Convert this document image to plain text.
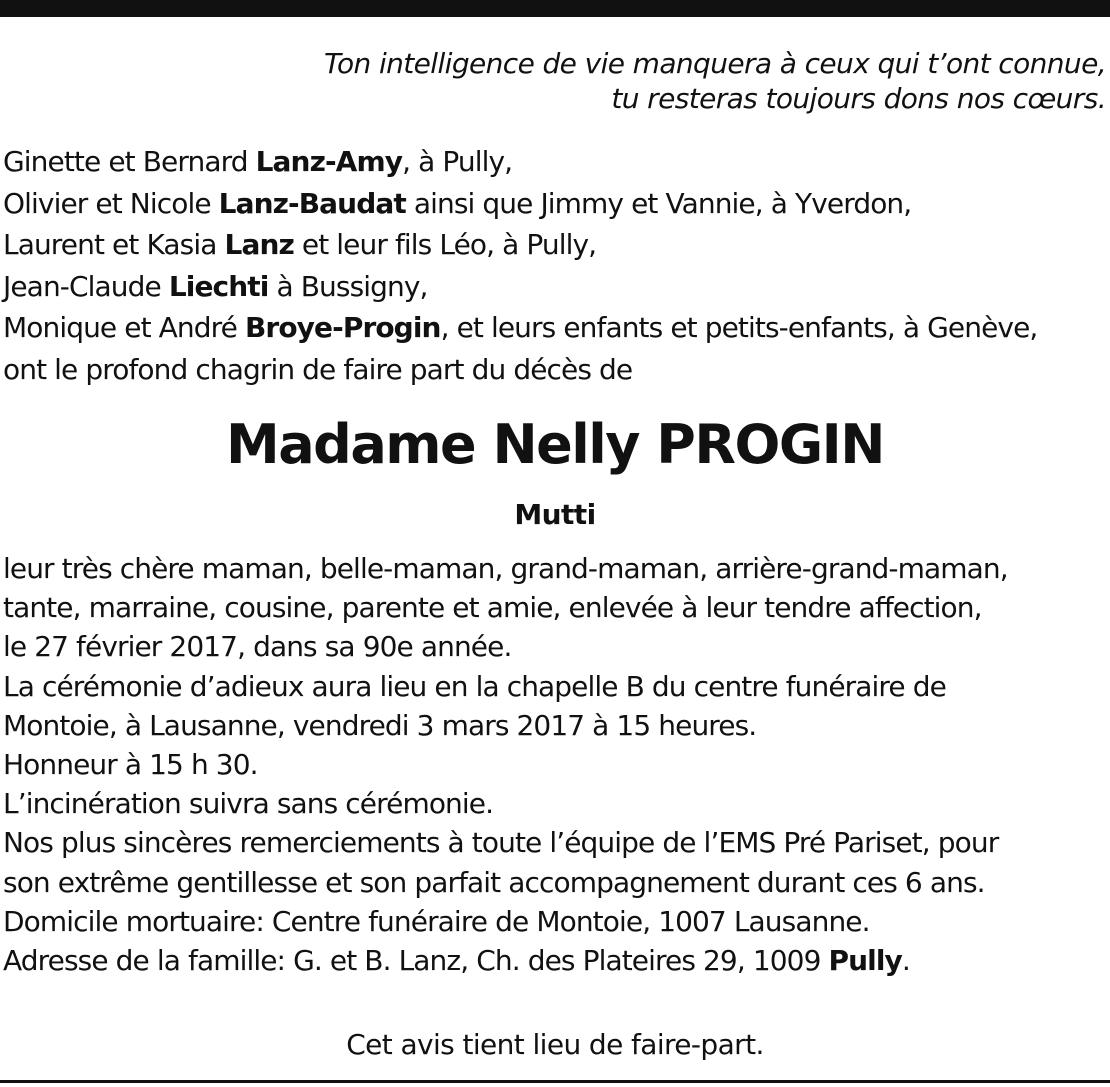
Ton intelligence de vie manquera à ceux qui t’ont connue,
tu resteras toujours dons nos cœurs.
Ginette et Bernard Lanz-Amy, à Pully,
Olivier et Nicole Lanz-Baudat ainsi que Jimmy et Vannie, à Yverdon,
Laurent et Kasia Lanz et leur fils Léo, à Pully,
Jean-Claude Liechti à Bussigny,
Monique et André Broye-Progin, et leurs enfants et petits-enfants, à Genève,
ont le profond chagrin de faire part du décès de
Madame Nelly PROGIN
Mutti
leur très chère maman, belle-maman, grand-maman, arrière-grand-maman,
tante, marraine, cousine, parente et amie, enlevée à leur tendre affection,
le 27 février 2017, dans sa 90e année.
La cérémonie d’adieux aura lieu en la chapelle B du centre funéraire de
Montoie, à Lausanne, vendredi 3 mars 2017 à 15 heures.
Honneur à 15 h 30.
L’incinération suivra sans cérémonie.
Nos plus sincères remerciements à toute l’équipe de l’EMS Pré Pariset, pour
son extrême gentillesse et son parfait accompagnement durant ces 6 ans.
Domicile mortuaire: Centre funéraire de Montoie, 1007 Lausanne.
Adresse de la famille: G. et B. Lanz, Ch. des Plateires 29, 1009 Pully.
Cet avis tient lieu de faire-part.
